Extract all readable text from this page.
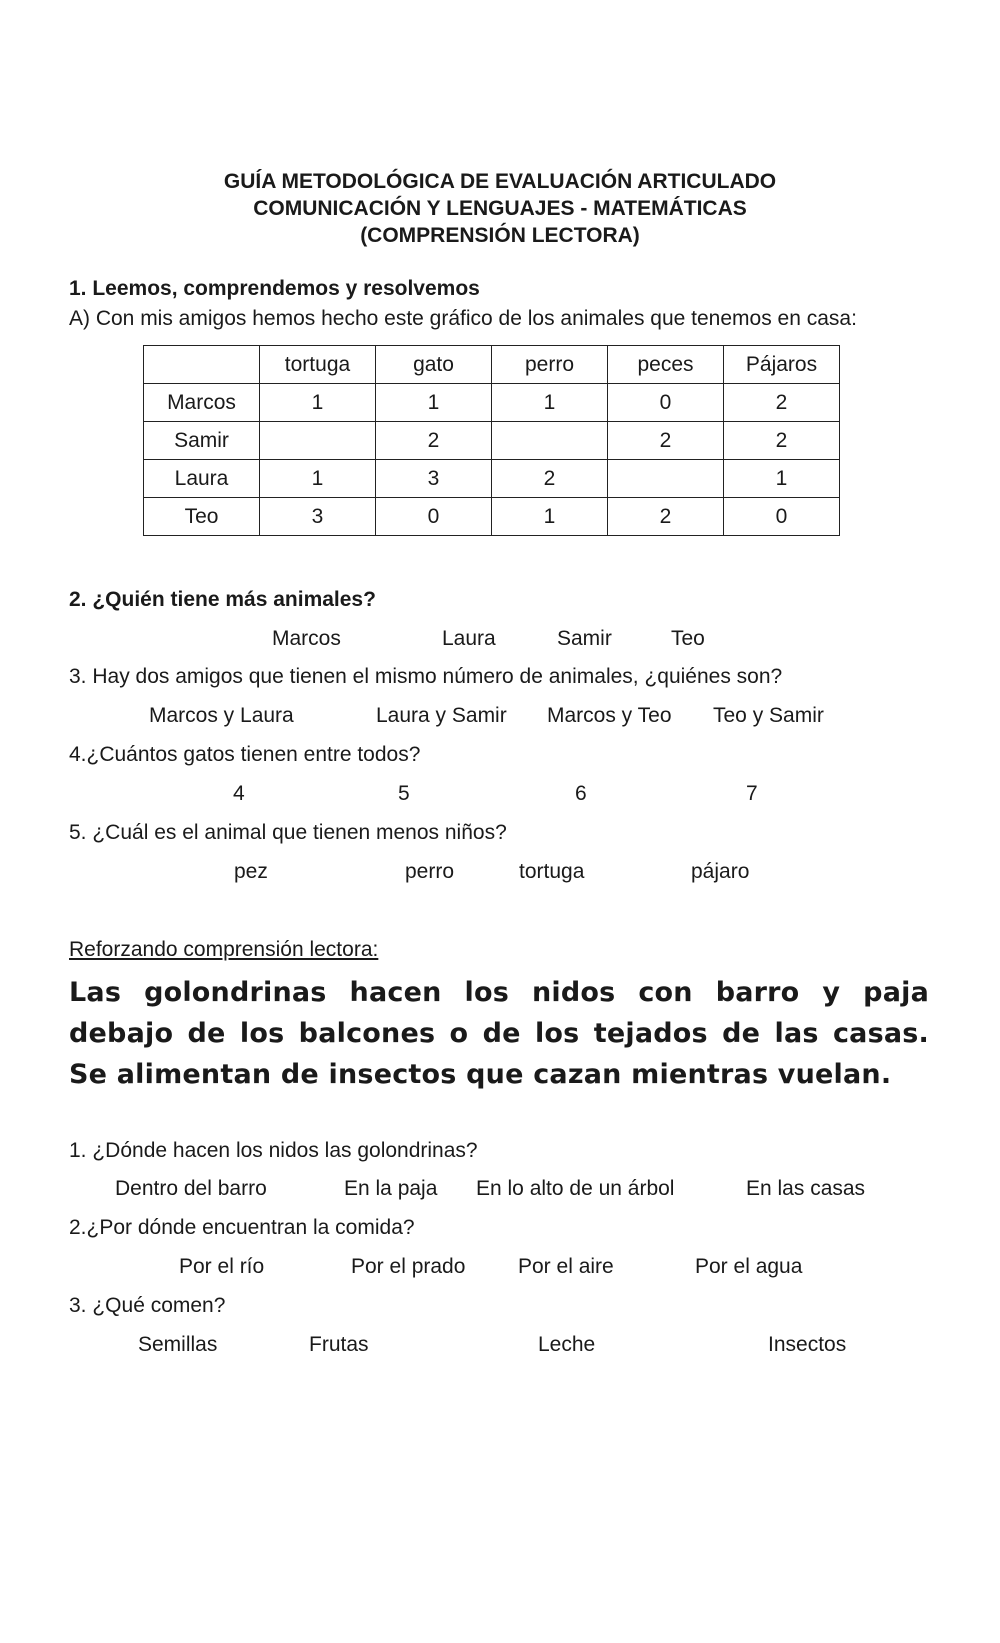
GUÍA METODOLÓGICA DE EVALUACIÓN ARTICULADO
COMUNICACIÓN Y LENGUAJES - MATEMÁTICAS
(COMPRENSIÓN LECTORA)
1. Leemos, comprendemos y resolvemos
A) Con mis amigos hemos hecho este gráfico de los animales que tenemos en casa:
	tortuga	gato	perro	peces	Pájaros
Marcos	1	1	1	0	2
Samir		2		2	2
Laura	1	3	2		1
Teo	3	0	1	2	0
2. ¿Quién tiene más animales?
Marcos	Laura	Samir	Teo
3. Hay dos amigos que tienen el mismo número de animales, ¿quiénes son?
Marcos y Laura	Laura y Samir Marcos y Teo Teo y Samir
4.¿Cuántos gatos tienen entre todos?
4	5	6	7
5. ¿Cuál es el animal que tienen menos niños?
pez	perro	tortuga	pájaro
Reforzando comprensión lectora:
Las golondrinas hacen los nidos con barro y paja debajo de los balcones o de los tejados de las casas. Se alimentan de insectos que cazan mientras vuelan.
1. ¿Dónde hacen los nidos las golondrinas?
Dentro del barro	En la paja En lo alto de un árbol	En las casas
2.¿Por dónde encuentran la comida?
Por el río	Por el prado	Por el aire	Por el agua
3. ¿Qué comen?
Semillas	Frutas	Leche	Insectos
